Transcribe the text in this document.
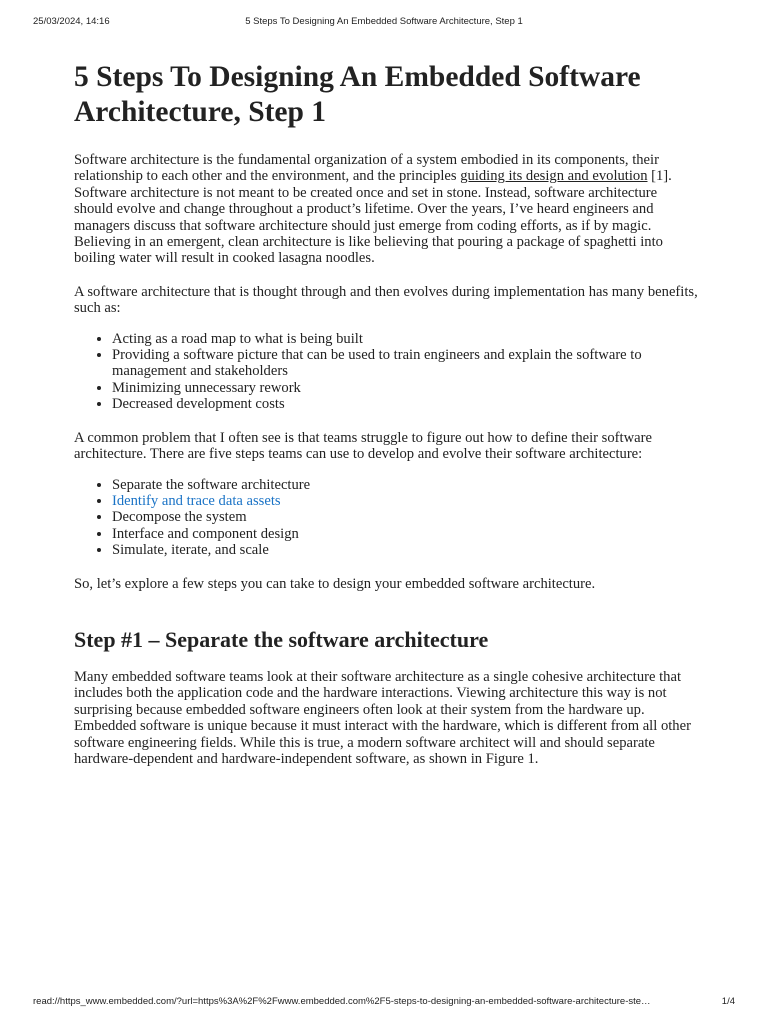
25/03/2024, 14:16	5 Steps To Designing An Embedded Software Architecture, Step 1
5 Steps To Designing An Embedded Software Architecture, Step 1

Software architecture is the fundamental organization of a system embodied in its components, their relationship to each other and the environment, and the principles guiding its design and evolution [1]. Software architecture is not meant to be created once and set in stone. Instead, software architecture should evolve and change throughout a product’s lifetime. Over the years, I’ve heard engineers and managers discuss that software architecture should just emerge from coding efforts, as if by magic. Believing in an emergent, clean architecture is like believing that pouring a package of spaghetti into boiling water will result in cooked lasagna noodles.

A software architecture that is thought through and then evolves during implementation has many benefits, such as:

• Acting as a road map to what is being built
• Providing a software picture that can be used to train engineers and explain the software to management and stakeholders
• Minimizing unnecessary rework
• Decreased development costs

A common problem that I often see is that teams struggle to figure out how to define their software architecture. There are five steps teams can use to develop and evolve their software architecture:

• Separate the software architecture
• Identify and trace data assets
• Decompose the system
• Interface and component design
• Simulate, iterate, and scale

So, let’s explore a few steps you can take to design your embedded software architecture.

Step #1 – Separate the software architecture

Many embedded software teams look at their software architecture as a single cohesive architecture that includes both the application code and the hardware interactions. Viewing architecture this way is not surprising because embedded software engineers often look at their system from the hardware up. Embedded software is unique because it must interact with the hardware, which is different from all other software engineering fields. While this is true, a modern software architect will and should separate hardware-dependent and hardware-independent software, as shown in Figure 1.

read://https_www.embedded.com/?url=https%3A%2F%2Fwww.embedded.com%2F5-steps-to-designing-an-embedded-software-architecture-ste…	1/4
